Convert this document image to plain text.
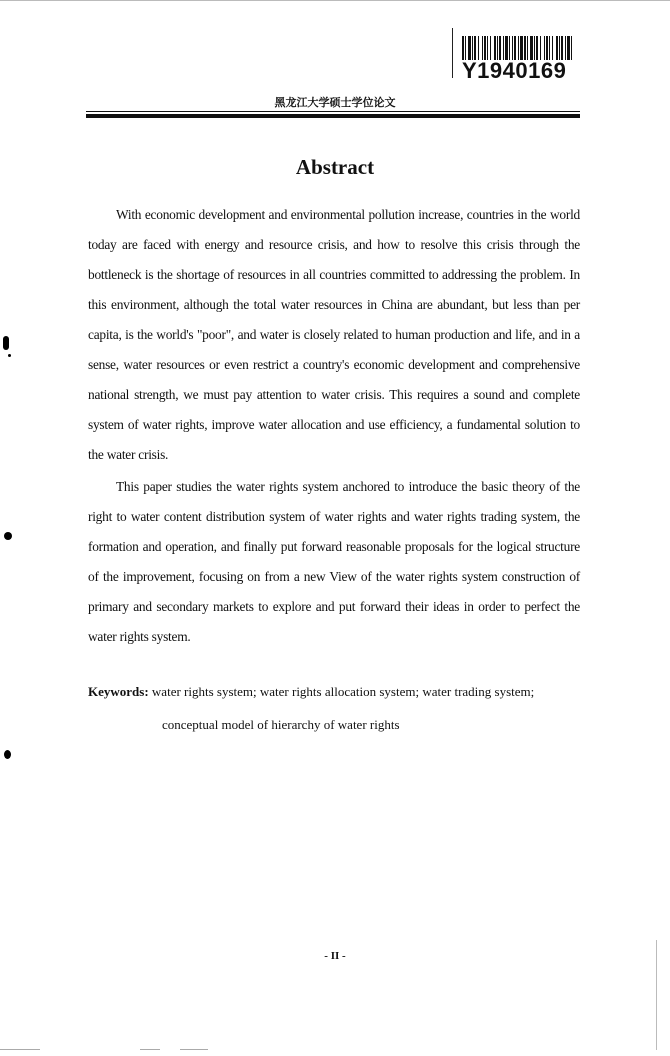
Y1940169
黑龙江大学硕士学位论文
Abstract

With economic development and environmental pollution increase, countries in the world today are faced with energy and resource crisis, and how to resolve this crisis through the bottleneck is the shortage of resources in all countries committed to addressing the problem. In this environment, although the total water resources in China are abundant, but less than per capita, is the world's "poor", and water is closely related to human production and life, and in a sense, water resources or even restrict a country's economic development and comprehensive national strength, we must pay attention to water crisis. This requires a sound and complete system of water rights, improve water allocation and use efficiency, a fundamental solution to the water crisis.

This paper studies the water rights system anchored to introduce the basic theory of the right to water content distribution system of water rights and water rights trading system, the formation and operation, and finally put forward reasonable proposals for the logical structure of the improvement, focusing on from a new View of the water rights system construction of primary and secondary markets to explore and put forward their ideas in order to perfect the water rights system.

Keywords: water rights system; water rights allocation system; water trading system;
conceptual model of hierarchy of water rights
- II -
